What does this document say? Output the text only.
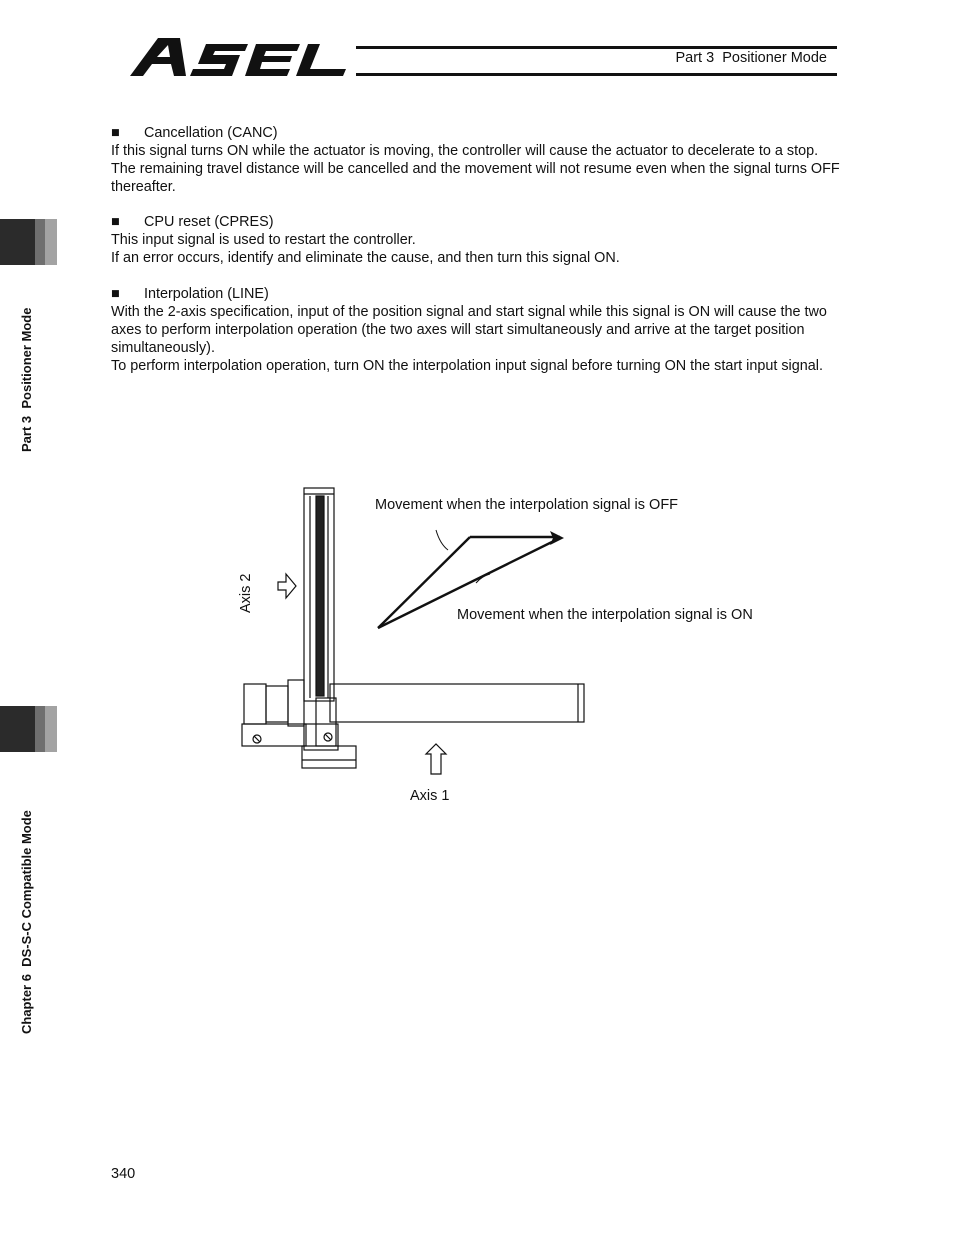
Part 3  Positioner Mode
Part 3  Positioner Mode
Chapter 6  DS-S-C Compatible Mode
■	Cancellation (CANC)

If this signal turns ON while the actuator is moving, the controller will cause the actuator to decelerate to a stop. The remaining travel distance will be cancelled and the movement will not resume even when the signal turns OFF thereafter.

■	CPU reset (CPRES)

This input signal is used to restart the controller.

If an error occurs, identify and eliminate the cause, and then turn this signal ON.

■	Interpolation (LINE)

With the 2-axis specification, input of the position signal and start signal while this signal is ON will cause the two axes to perform interpolation operation (the two axes will start simultaneously and arrive at the target position simultaneously).

To perform interpolation operation, turn ON the interpolation input signal before turning ON the start input signal.

Movement when the interpolation signal is OFF
Movement when the interpolation signal is ON
Axis 1
Axis 2
340
